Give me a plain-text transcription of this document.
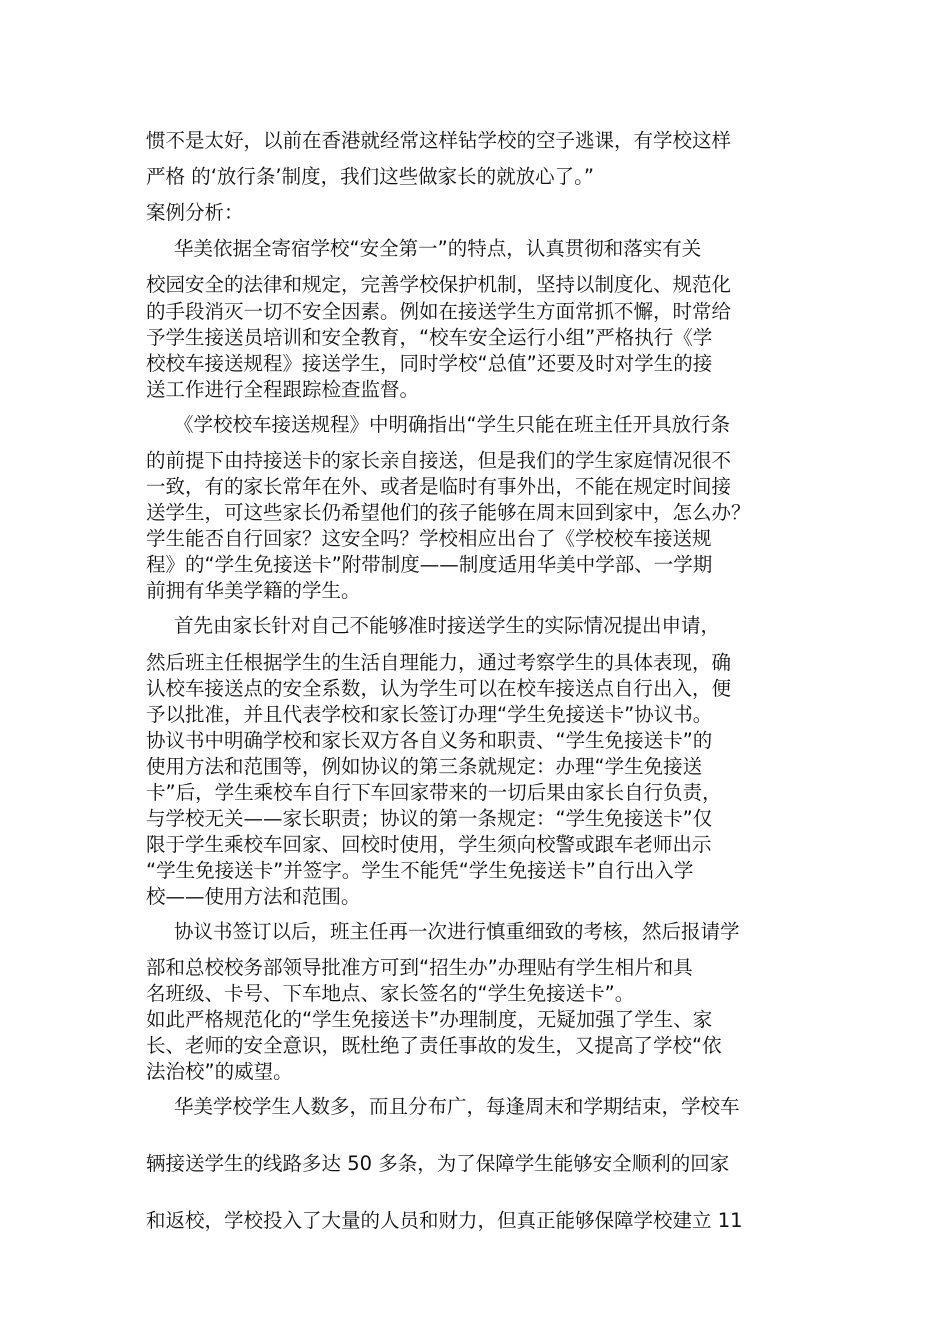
惯不是太好，以前在香港就经常这样钻学校的空子逃课，有学校这样
严格 的‘放行条’制度，我们这些做家长的就放心了。”
案例分析：
华美依据全寄宿学校“安全第一”的特点，认真贯彻和落实有关
校园安全的法律和规定，完善学校保护机制，坚持以制度化、规范化
的手段消灭一切不安全因素。例如在接送学生方面常抓不懈，时常给
予学生接送员培训和安全教育，“校车安全运行小组”严格执行《学
校校车接送规程》接送学生，同时学校“总值”还要及时对学生的接
送工作进行全程跟踪检查监督。
《学校校车接送规程》中明确指出“学生只能在班主任开具放行条
的前提下由持接送卡的家长亲自接送，但是我们的学生家庭情况很不
一致，有的家长常年在外、或者是临时有事外出，不能在规定时间接
送学生，可这些家长仍希望他们的孩子能够在周末回到家中，怎么办？
学生能否自行回家？这安全吗？学校相应出台了《学校校车接送规
程》的“学生免接送卡”附带制度——制度适用华美中学部、一学期
前拥有华美学籍的学生。
首先由家长针对自己不能够准时接送学生的实际情况提出申请，
然后班主任根据学生的生活自理能力，通过考察学生的具体表现，确
认校车接送点的安全系数，认为学生可以在校车接送点自行出入，便
予以批准，并且代表学校和家长签订办理“学生免接送卡”协议书。
协议书中明确学校和家长双方各自义务和职责、“学生免接送卡”的
使用方法和范围等，例如协议的第三条就规定：办理“学生免接送
卡”后，学生乘校车自行下车回家带来的一切后果由家长自行负责，
与学校无关——家长职责；协议的第一条规定：“学生免接送卡”仅
限于学生乘校车回家、回校时使用，学生须向校警或跟车老师出示
“学生免接送卡”并签字。学生不能凭“学生免接送卡”自行出入学
校——使用方法和范围。
协议书签订以后，班主任再一次进行慎重细致的考核，然后报请学
部和总校校务部领导批准方可到“招生办”办理贴有学生相片和具
名班级、卡号、下车地点、家长签名的“学生免接送卡”。
如此严格规范化的“学生免接送卡”办理制度，无疑加强了学生、家
长、老师的安全意识，既杜绝了责任事故的发生，又提高了学校“依
法治校”的威望。
华美学校学生人数多，而且分布广，每逢周末和学期结束，学校车
辆接送学生的线路多达 50 多条，为了保障学生能够安全顺利的回家
和返校，学校投入了大量的人员和财力，但真正能够保障学校建立 11
